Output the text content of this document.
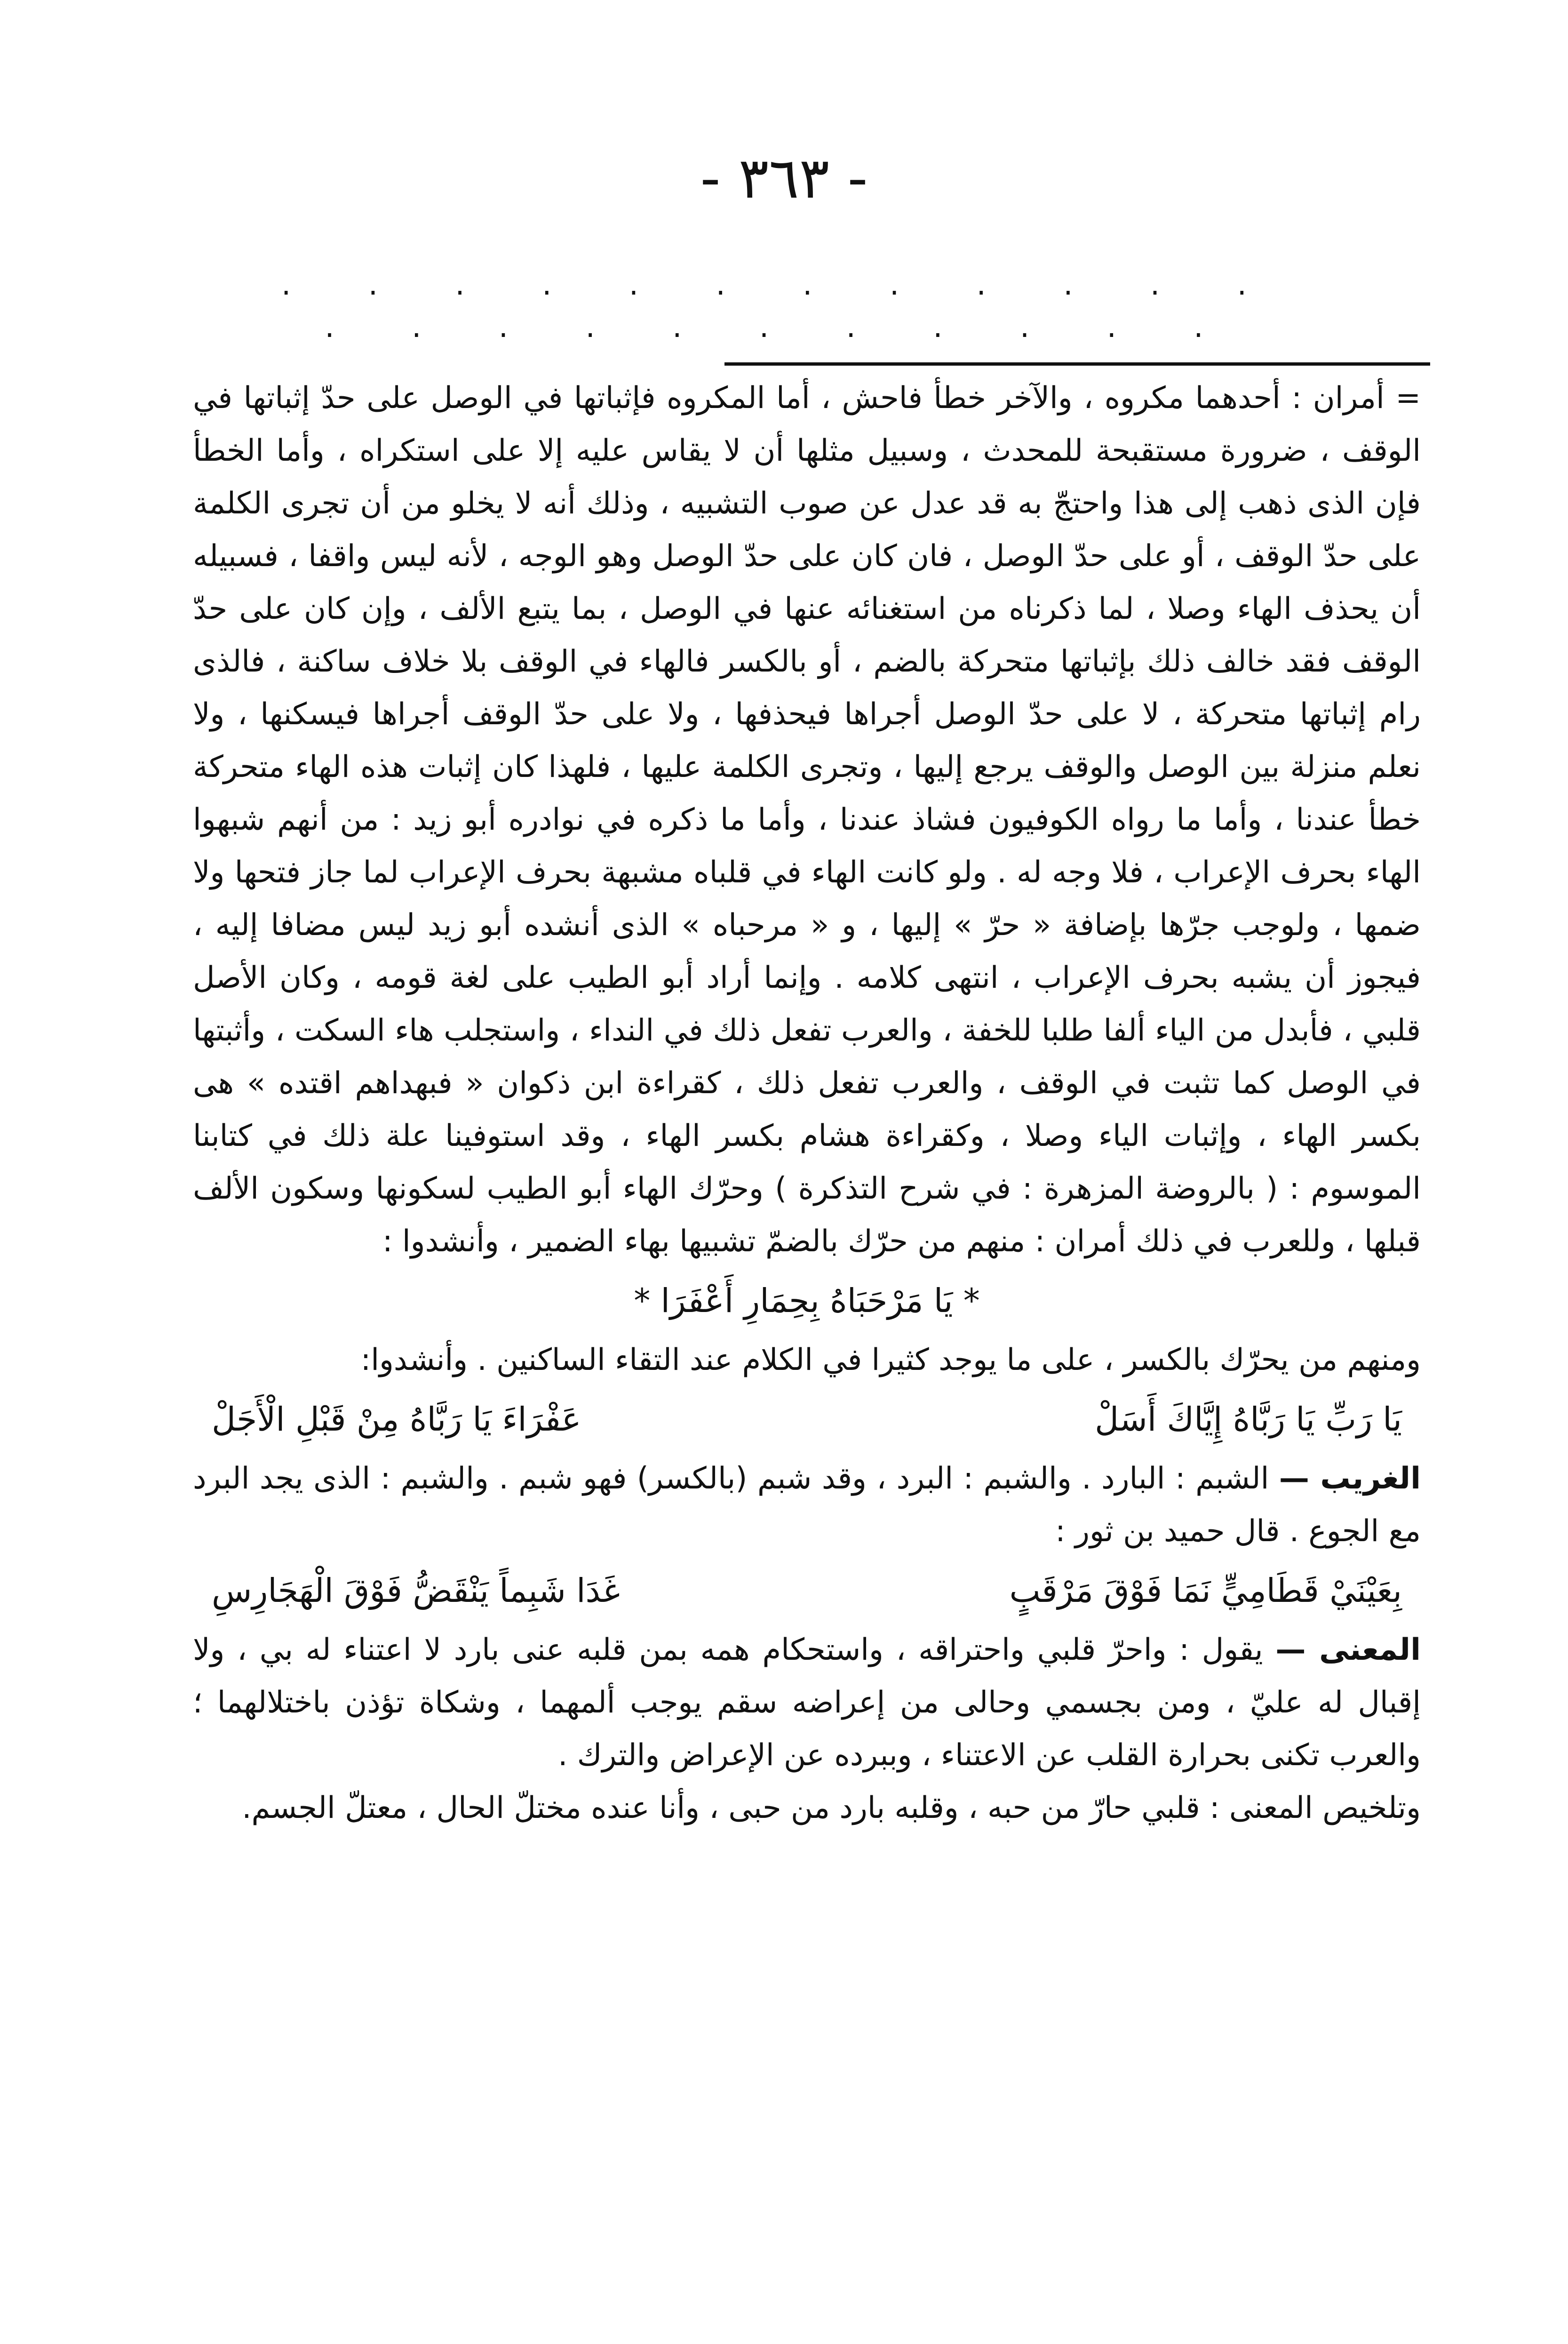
- ٣٦٣ -
. . . . . . . . . . . . . . . . . . . . . . .

= أمران : أحدهما مكروه ، والآخر خطأ فاحش ، أما المكروه فإثباتها في الوصل على حدّ إثباتها في الوقف ، ضرورة مستقبحة للمحدث ، وسبيل مثلها أن لا يقاس عليه إلا على استكراه ، وأما الخطأ فإن الذى ذهب إلى هذا واحتجّ به قد عدل عن صوب التشبيه ، وذلك أنه لا يخلو من أن تجرى الكلمة على حدّ الوقف ، أو على حدّ الوصل ، فان كان على حدّ الوصل وهو الوجه ، لأنه ليس واقفا ، فسبيله أن يحذف الهاء وصلا ، لما ذكرناه من استغنائه عنها في الوصل ، بما يتبع الألف ، وإن كان على حدّ الوقف فقد خالف ذلك بإثباتها متحركة بالضم ، أو بالكسر فالهاء في الوقف بلا خلاف ساكنة ، فالذى رام إثباتها متحركة ، لا على حدّ الوصل أجراها فيحذفها ، ولا على حدّ الوقف أجراها فيسكنها ، ولا نعلم منزلة بين الوصل والوقف يرجع إليها ، وتجرى الكلمة عليها ، فلهذا كان إثبات هذه الهاء متحركة خطأ عندنا ، وأما ما رواه الكوفيون فشاذ عندنا ، وأما ما ذكره في نوادره أبو زيد : من أنهم شبهوا الهاء بحرف الإعراب ، فلا وجه له . ولو كانت الهاء في قلباه مشبهة بحرف الإعراب لما جاز فتحها ولا ضمها ، ولوجب جرّها بإضافة « حرّ » إليها ، و « مرحباه » الذى أنشده أبو زيد ليس مضافا إليه ، فيجوز أن يشبه بحرف الإعراب ، انتهى كلامه . وإنما أراد أبو الطيب على لغة قومه ، وكان الأصل قلبي ، فأبدل من الياء ألفا طلبا للخفة ، والعرب تفعل ذلك في النداء ، واستجلب هاء السكت ، وأثبتها في الوصل كما تثبت في الوقف ، والعرب تفعل ذلك ، كقراءة ابن ذكوان « فبهداهم اقتده » هى بكسر الهاء ، وإثبات الياء وصلا ، وكقراءة هشام بكسر الهاء ، وقد استوفينا علة ذلك في كتابنا الموسوم : ( بالروضة المزهرة : في شرح التذكرة ) وحرّك الهاء أبو الطيب لسكونها وسكون الألف قبلها ، وللعرب في ذلك أمران : منهم من حرّك بالضمّ تشبيها بهاء الضمير ، وأنشدوا :

* يَا مَرْحَبَاهُ بِحِمَارِ أَعْفَرَا *

ومنهم من يحرّك بالكسر ، على ما يوجد كثيرا في الكلام عند التقاء الساكنين . وأنشدوا:

يَا رَبِّ يَا رَبَّاهُ إِيَّاكَ أَسَلْ
عَفْرَاءَ يَا رَبَّاهُ مِنْ قَبْلِ الْأَجَلْ

الغريب — الشبم : البارد . والشبم : البرد ، وقد شبم (بالكسر) فهو شبم . والشبم : الذى يجد البرد مع الجوع . قال حميد بن ثور :

بِعَيْنَيْ قَطَامِيٍّ نَمَا فَوْقَ مَرْقَبٍ
غَدَا شَبِماً يَنْقَضُّ فَوْقَ الْهَجَارِسِ

المعنى — يقول : واحرّ قلبي واحتراقه ، واستحكام همه بمن قلبه عنى بارد لا اعتناء له بي ، ولا إقبال له عليّ ، ومن بجسمي وحالى من إعراضه سقم يوجب ألمهما ، وشكاة تؤذن باختلالهما ؛ والعرب تكنى بحرارة القلب عن الاعتناء ، وببرده عن الإعراض والترك .

وتلخيص المعنى : قلبي حارّ من حبه ، وقلبه بارد من حبى ، وأنا عنده مختلّ الحال ، معتلّ الجسم.
